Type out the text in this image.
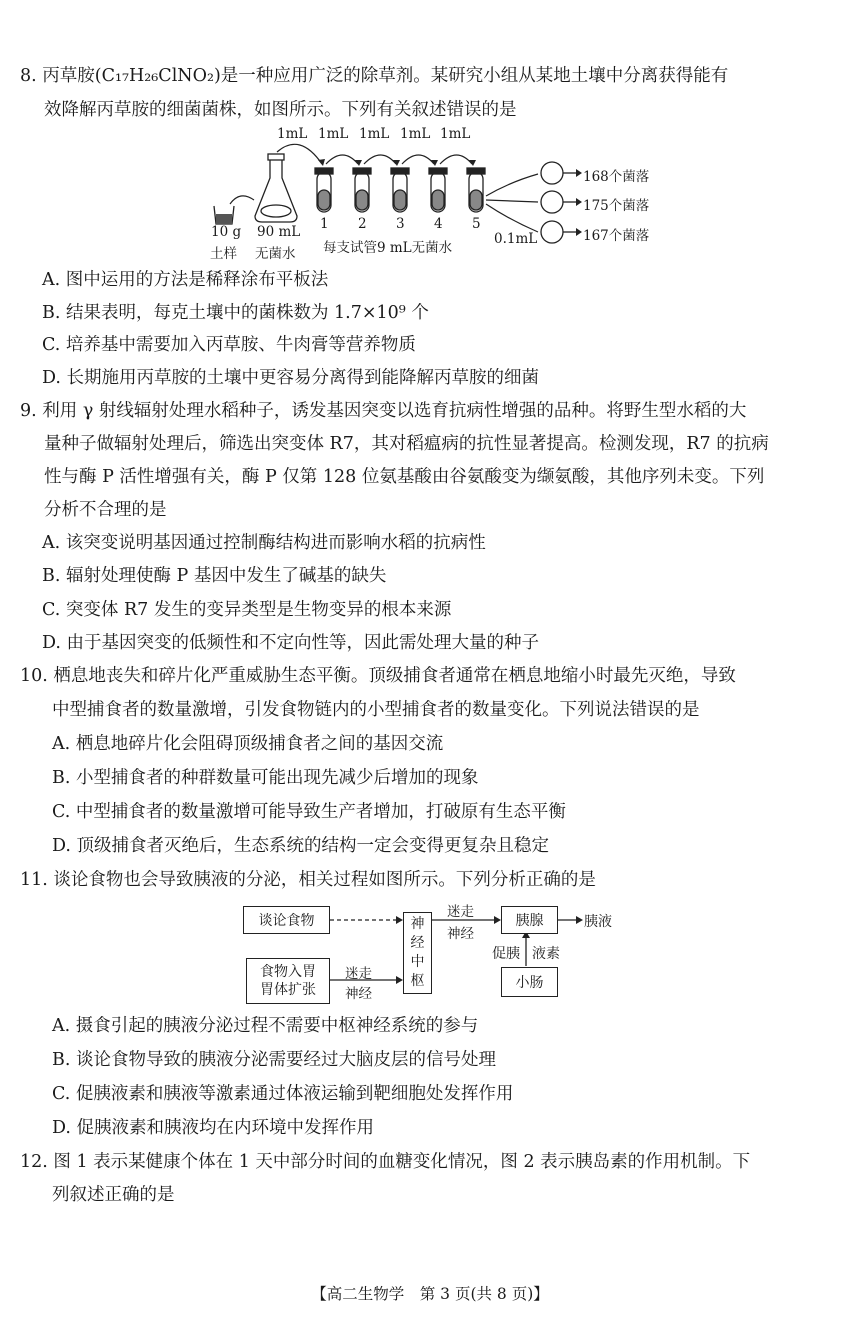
8. 丙草胺(C₁₇H₂₆ClNO₂)是一种应用广泛的除草剂。某研究小组从某地土壤中分离获得能有
效降解丙草胺的细菌菌株，如图所示。下列有关叙述错误的是
1mL 1mL 1mL 1mL 1mL
10 g
土样
90 mL
无菌水
1 2 3 4 5
每支试管9 mL无菌水
0.1mL
168个菌落
175个菌落
167个菌落
A. 图中运用的方法是稀释涂布平板法
B. 结果表明，每克土壤中的菌株数为 1.7×10⁹ 个
C. 培养基中需要加入丙草胺、牛肉膏等营养物质
D. 长期施用丙草胺的土壤中更容易分离得到能降解丙草胺的细菌
9. 利用 γ 射线辐射处理水稻种子，诱发基因突变以选育抗病性增强的品种。将野生型水稻的大
量种子做辐射处理后，筛选出突变体 R7，其对稻瘟病的抗性显著提高。检测发现，R7 的抗病
性与酶 P 活性增强有关，酶 P 仅第 128 位氨基酸由谷氨酸变为缬氨酸，其他序列未变。下列
分析不合理的是
A. 该突变说明基因通过控制酶结构进而影响水稻的抗病性
B. 辐射处理使酶 P 基因中发生了碱基的缺失
C. 突变体 R7 发生的变异类型是生物变异的根本来源
D. 由于基因突变的低频性和不定向性等，因此需处理大量的种子
10. 栖息地丧失和碎片化严重威胁生态平衡。顶级捕食者通常在栖息地缩小时最先灭绝，导致
中型捕食者的数量激增，引发食物链内的小型捕食者的数量变化。下列说法错误的是
A. 栖息地碎片化会阻碍顶级捕食者之间的基因交流
B. 小型捕食者的种群数量可能出现先减少后增加的现象
C. 中型捕食者的数量激增可能导致生产者增加，打破原有生态平衡
D. 顶级捕食者灭绝后，生态系统的结构一定会变得更复杂且稳定
11. 谈论食物也会导致胰液的分泌，相关过程如图所示。下列分析正确的是
谈论食物
食物入胃
胃体扩张
迷走
神经
神
经
中
枢
迷走
神经
胰腺	胰液
促胰 液素
小肠
A. 摄食引起的胰液分泌过程不需要中枢神经系统的参与
B. 谈论食物导致的胰液分泌需要经过大脑皮层的信号处理
C. 促胰液素和胰液等激素通过体液运输到靶细胞处发挥作用
D. 促胰液素和胰液均在内环境中发挥作用
12. 图 1 表示某健康个体在 1 天中部分时间的血糖变化情况，图 2 表示胰岛素的作用机制。下
列叙述正确的是
【高二生物学　第 3 页(共 8 页)】
